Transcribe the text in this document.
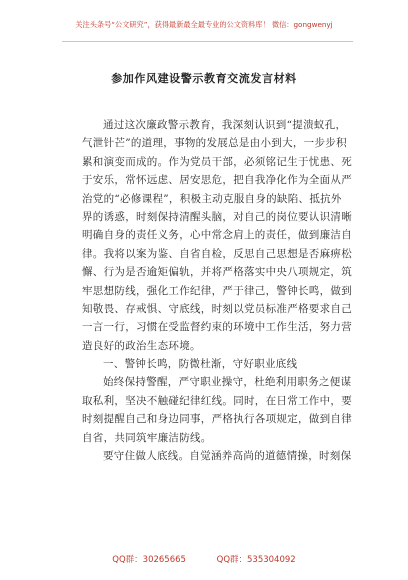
关注头条号“公文研究”，获得最新最全最专业的公文资料库！ 微信：gongwenyj
参加作风建设警示教育交流发言材料
通过这次廉政警示教育，我深刻认识到“提溃蚁孔，
气泄针芒”的道理，事物的发展总是由小到大，一步步积
累和演变而成的。作为党员干部，必须铭记生于忧患、死
于安乐，常怀远虑、居安思危，把自我净化作为全面从严
治党的“必修课程”，积极主动克服自身的缺陷、抵抗外
界的诱惑，时刻保持清醒头脑，对自己的岗位要认识清晰
明确自身的责任义务，心中常念肩上的责任，做到廉洁自
律。我将以案为鉴、自省自检，反思自己思想是否麻痹松
懈、行为是否逾矩偏轨，并将严格落实中央八项规定，筑
牢思想防线，强化工作纪律，严于律己，警钟长鸣，做到
知敬畏、存戒惧、守底线，时刻以党员标准严格要求自己
一言一行，习惯在受监督约束的环境中工作生活，努力营
造良好的政治生态环境。
一、警钟长鸣，防微杜渐，守好职业底线
始终保持警醒，严守职业操守，杜绝利用职务之便谋
取私利，坚决不触碰纪律红线。同时，在日常工作中，要
时刻提醒自己和身边同事，严格执行各项规定，做到自律
自省，共同筑牢廉洁防线。
要守住做人底线。自觉涵养高尚的道德情操，时刻保
QQ群：30265665	QQ群：535304092
